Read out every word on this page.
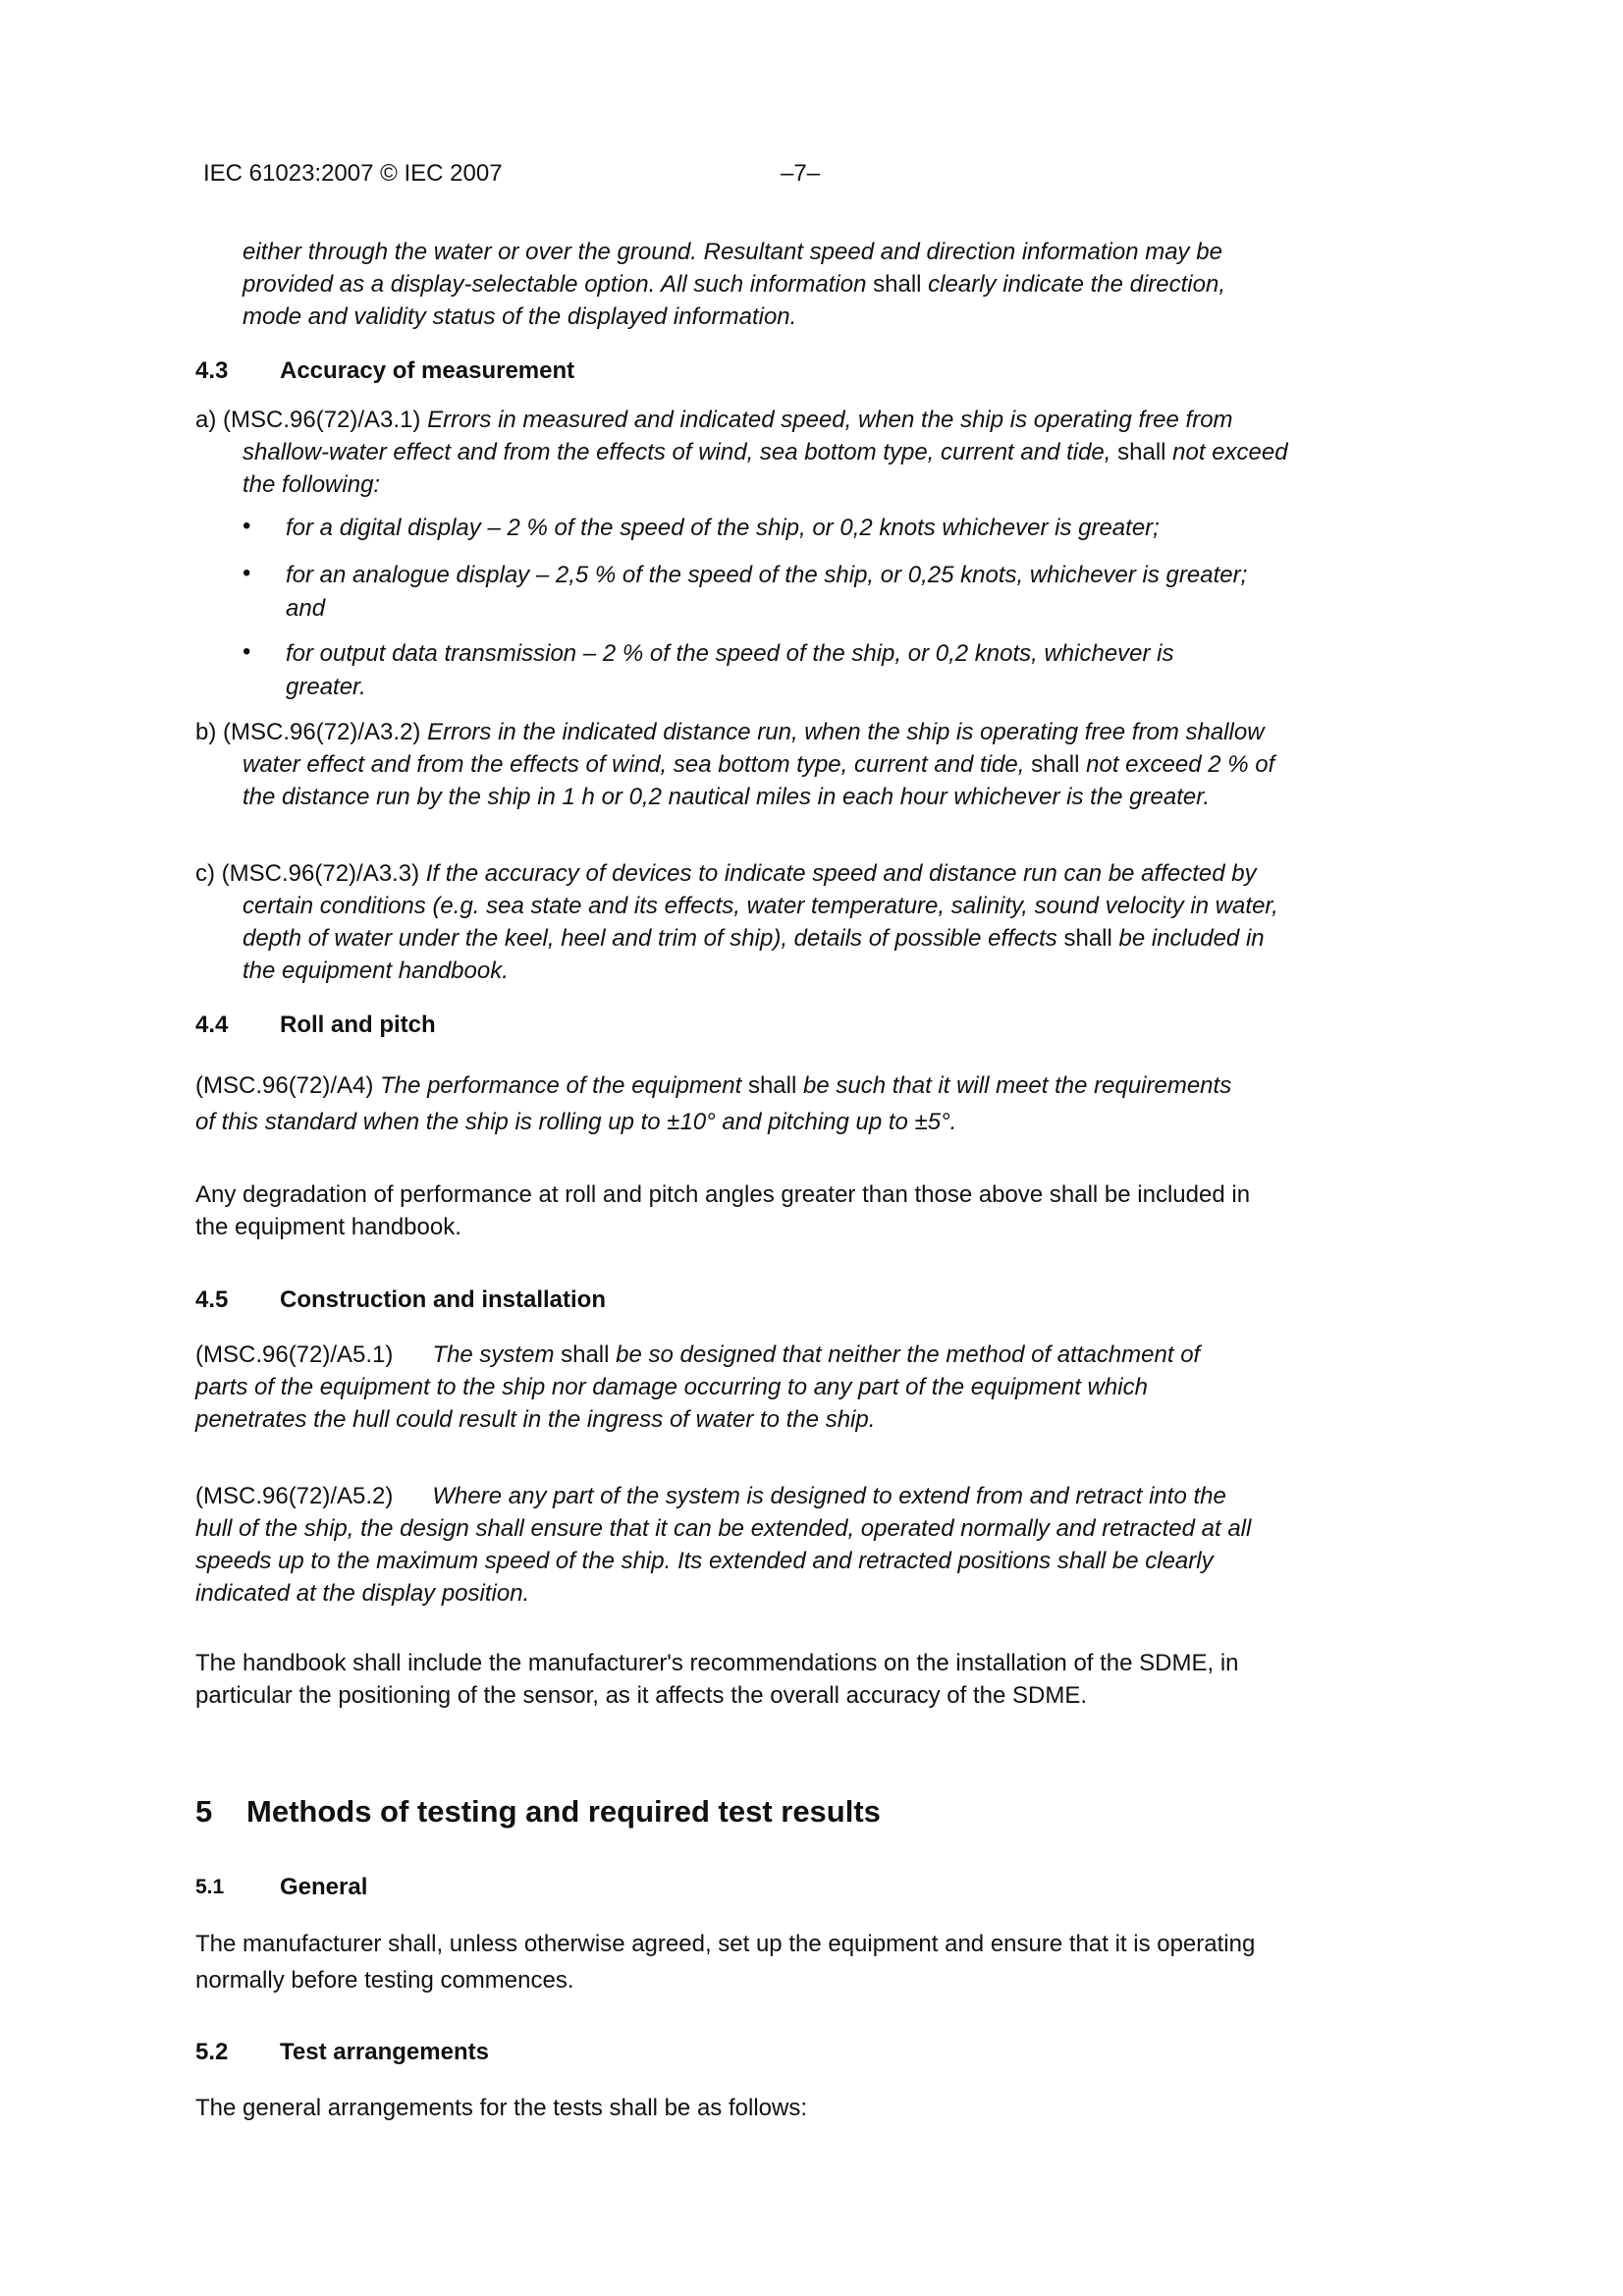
IEC 61023:2007 © IEC 2007	–7–

either through the water or over the ground. Resultant speed and direction information may be provided as a display-selectable option. All such information shall clearly indicate the direction, mode and validity status of the displayed information.

4.3 Accuracy of measurement

a) (MSC.96(72)/A3.1) Errors in measured and indicated speed, when the ship is operating free from shallow-water effect and from the effects of wind, sea bottom type, current and tide, shall not exceed the following:

• for a digital display – 2 % of the speed of the ship, or 0,2 knots whichever is greater;

• for an analogue display – 2,5 % of the speed of the ship, or 0,25 knots, whichever is greater; and

• for output data transmission – 2 % of the speed of the ship, or 0,2 knots, whichever is greater.

b) (MSC.96(72)/A3.2) Errors in the indicated distance run, when the ship is operating free from shallow water effect and from the effects of wind, sea bottom type, current and tide, shall not exceed 2 % of the distance run by the ship in 1 h or 0,2 nautical miles in each hour whichever is the greater.

c) (MSC.96(72)/A3.3) If the accuracy of devices to indicate speed and distance run can be affected by certain conditions (e.g. sea state and its effects, water temperature, salinity, sound velocity in water, depth of water under the keel, heel and trim of ship), details of possible effects shall be included in the equipment handbook.

4.4 Roll and pitch

(MSC.96(72)/A4) The performance of the equipment shall be such that it will meet the requirements of this standard when the ship is rolling up to ±10° and pitching up to ±5°.

Any degradation of performance at roll and pitch angles greater than those above shall be included in the equipment handbook.

4.5 Construction and installation

(MSC.96(72)/A5.1)      The system shall be so designed that neither the method of attachment of parts of the equipment to the ship nor damage occurring to any part of the equipment which penetrates the hull could result in the ingress of water to the ship.

(MSC.96(72)/A5.2)      Where any part of the system is designed to extend from and retract into the hull of the ship, the design shall ensure that it can be extended, operated normally and retracted at all speeds up to the maximum speed of the ship. Its extended and retracted positions shall be clearly indicated at the display position.

The handbook shall include the manufacturer's recommendations on the installation of the SDME, in particular the positioning of the sensor, as it affects the overall accuracy of the SDME.

5 Methods of testing and required test results
5.1 General

The manufacturer shall, unless otherwise agreed, set up the equipment and ensure that it is operating normally before testing commences.

5.2 Test arrangements

The general arrangements for the tests shall be as follows:
